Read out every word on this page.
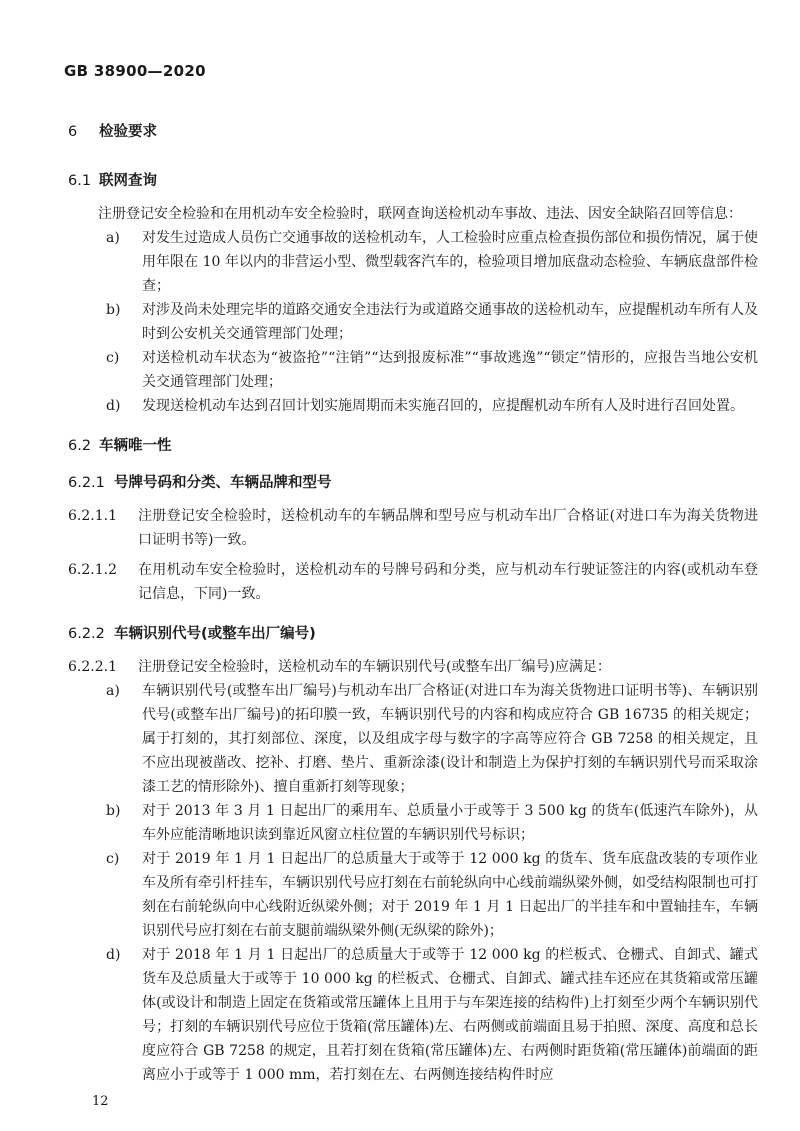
GB 38900—2020
6 检验要求
6.1 联网查询
注册登记安全检验和在用机动车安全检验时，联网查询送检机动车事故、违法、因安全缺陷召回等信息：
a)	对发生过造成人员伤亡交通事故的送检机动车，人工检验时应重点检查损伤部位和损伤情况，属于使用年限在 10 年以内的非营运小型、微型载客汽车的，检验项目增加底盘动态检验、车辆底盘部件检查；
b)	对涉及尚未处理完毕的道路交通安全违法行为或道路交通事故的送检机动车，应提醒机动车所有人及时到公安机关交通管理部门处理；
c)	对送检机动车状态为“被盗抢”“注销”“达到报废标准”“事故逃逸”“锁定”情形的，应报告当地公安机关交通管理部门处理；
d)	发现送检机动车达到召回计划实施周期而未实施召回的，应提醒机动车所有人及时进行召回处置。
6.2 车辆唯一性
6.2.1 号牌号码和分类、车辆品牌和型号
6.2.1.1	注册登记安全检验时，送检机动车的车辆品牌和型号应与机动车出厂合格证(对进口车为海关货物进口证明书等)一致。
6.2.1.2	在用机动车安全检验时，送检机动车的号牌号码和分类，应与机动车行驶证签注的内容(或机动车登记信息，下同)一致。
6.2.2 车辆识别代号(或整车出厂编号)
6.2.2.1	注册登记安全检验时，送检机动车的车辆识别代号(或整车出厂编号)应满足：
a)	车辆识别代号(或整车出厂编号)与机动车出厂合格证(对进口车为海关货物进口证明书等)、车辆识别代号(或整车出厂编号)的拓印膜一致，车辆识别代号的内容和构成应符合 GB 16735 的相关规定；属于打刻的，其打刻部位、深度，以及组成字母与数字的字高等应符合 GB 7258 的相关规定，且不应出现被凿改、挖补、打磨、垫片、重新涂漆(设计和制造上为保护打刻的车辆识别代号而采取涂漆工艺的情形除外)、擅自重新打刻等现象；
b)	对于 2013 年 3 月 1 日起出厂的乘用车、总质量小于或等于 3 500 kg 的货车(低速汽车除外)，从车外应能清晰地识读到靠近风窗立柱位置的车辆识别代号标识；
c)	对于 2019 年 1 月 1 日起出厂的总质量大于或等于 12 000 kg 的货车、货车底盘改装的专项作业车及所有牵引杆挂车，车辆识别代号应打刻在右前轮纵向中心线前端纵梁外侧，如受结构限制也可打刻在右前轮纵向中心线附近纵梁外侧；对于 2019 年 1 月 1 日起出厂的半挂车和中置轴挂车，车辆识别代号应打刻在右前支腿前端纵梁外侧(无纵梁的除外)；
d)	对于 2018 年 1 月 1 日起出厂的总质量大于或等于 12 000 kg 的栏板式、仓栅式、自卸式、罐式货车及总质量大于或等于 10 000 kg 的栏板式、仓栅式、自卸式、罐式挂车还应在其货箱或常压罐体(或设计和制造上固定在货箱或常压罐体上且用于与车架连接的结构件)上打刻至少两个车辆识别代号；打刻的车辆识别代号应位于货箱(常压罐体)左、右两侧或前端面且易于拍照、深度、高度和总长度应符合 GB 7258 的规定，且若打刻在货箱(常压罐体)左、右两侧时距货箱(常压罐体)前端面的距离应小于或等于 1 000 mm，若打刻在左、右两侧连接结构件时应
12
